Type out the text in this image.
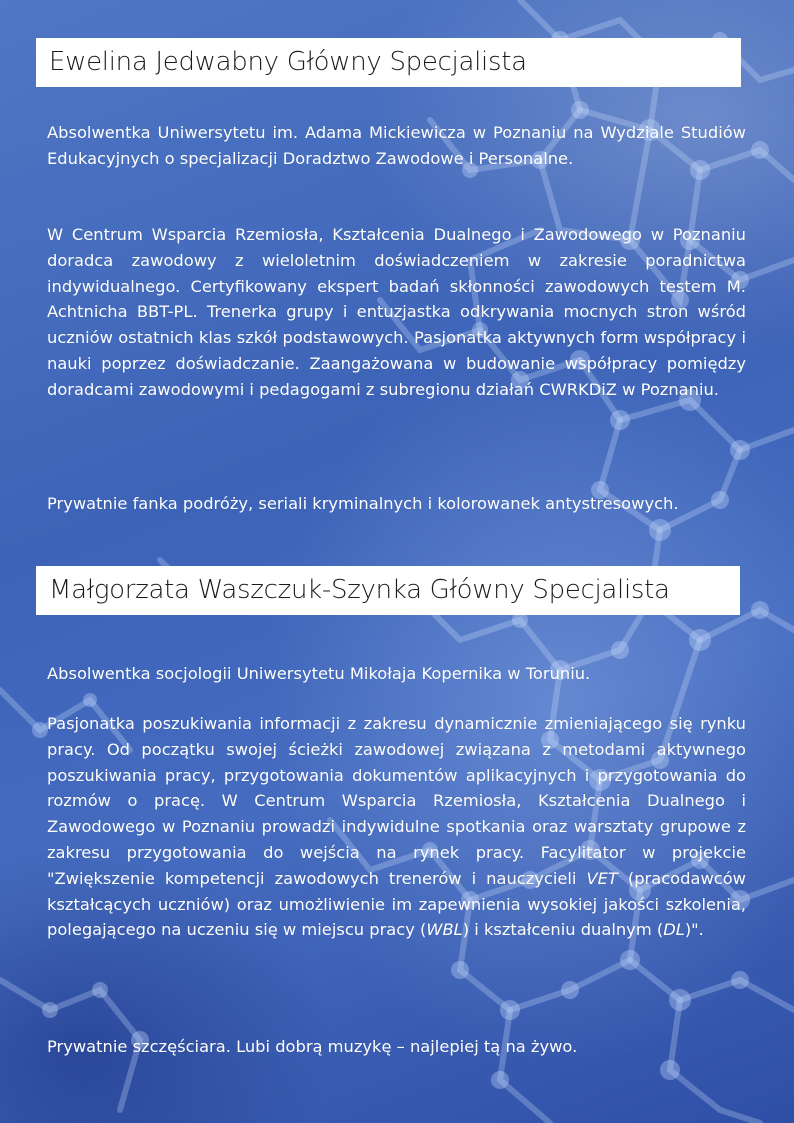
Ewelina Jedwabny Główny Specjalista

Absolwentka Uniwersytetu im. Adama Mickiewicza w Poznaniu na Wydziale Studiów Edukacyjnych o specjalizacji Doradztwo Zawodowe i Personalne.

W Centrum Wsparcia Rzemiosła, Kształcenia Dualnego i Zawodowego w Poznaniu doradca zawodowy z wieloletnim doświadczeniem w zakresie poradnictwa indywidualnego. Certyfikowany ekspert badań skłonności zawodowych testem M. Achtnicha BBT-PL. Trenerka grupy i entuzjastka odkrywania mocnych stron wśród uczniów ostatnich klas szkół podstawowych. Pasjonatka aktywnych form współpracy i nauki poprzez doświadczanie. Zaangażowana w budowanie współpracy pomiędzy doradcami zawodowymi i pedagogami z subregionu działań CWRKDiZ w Poznaniu.

Prywatnie fanka podróży, seriali kryminalnych i kolorowanek antystresowych.

Małgorzata Waszczuk-Szynka Główny Specjalista

Absolwentka socjologii Uniwersytetu Mikołaja Kopernika w Toruniu.

Pasjonatka poszukiwania informacji z zakresu dynamicznie zmieniającego się rynku pracy. Od początku swojej ścieżki zawodowej związana z metodami aktywnego poszukiwania pracy, przygotowania dokumentów aplikacyjnych i przygotowania do rozmów o pracę. W Centrum Wsparcia Rzemiosła, Kształcenia Dualnego i Zawodowego w Poznaniu prowadzi indywidulne spotkania oraz warsztaty grupowe z zakresu przygotowania do wejścia na rynek pracy. Facylitator w projekcie "Zwiększenie kompetencji zawodowych trenerów i nauczycieli VET (pracodawców kształcących uczniów) oraz umożliwienie im zapewnienia wysokiej jakości szkolenia, polegającego na uczeniu się w miejscu pracy (WBL) i kształceniu dualnym (DL)".

Prywatnie szczęściara. Lubi dobrą muzykę – najlepiej tą na żywo.
